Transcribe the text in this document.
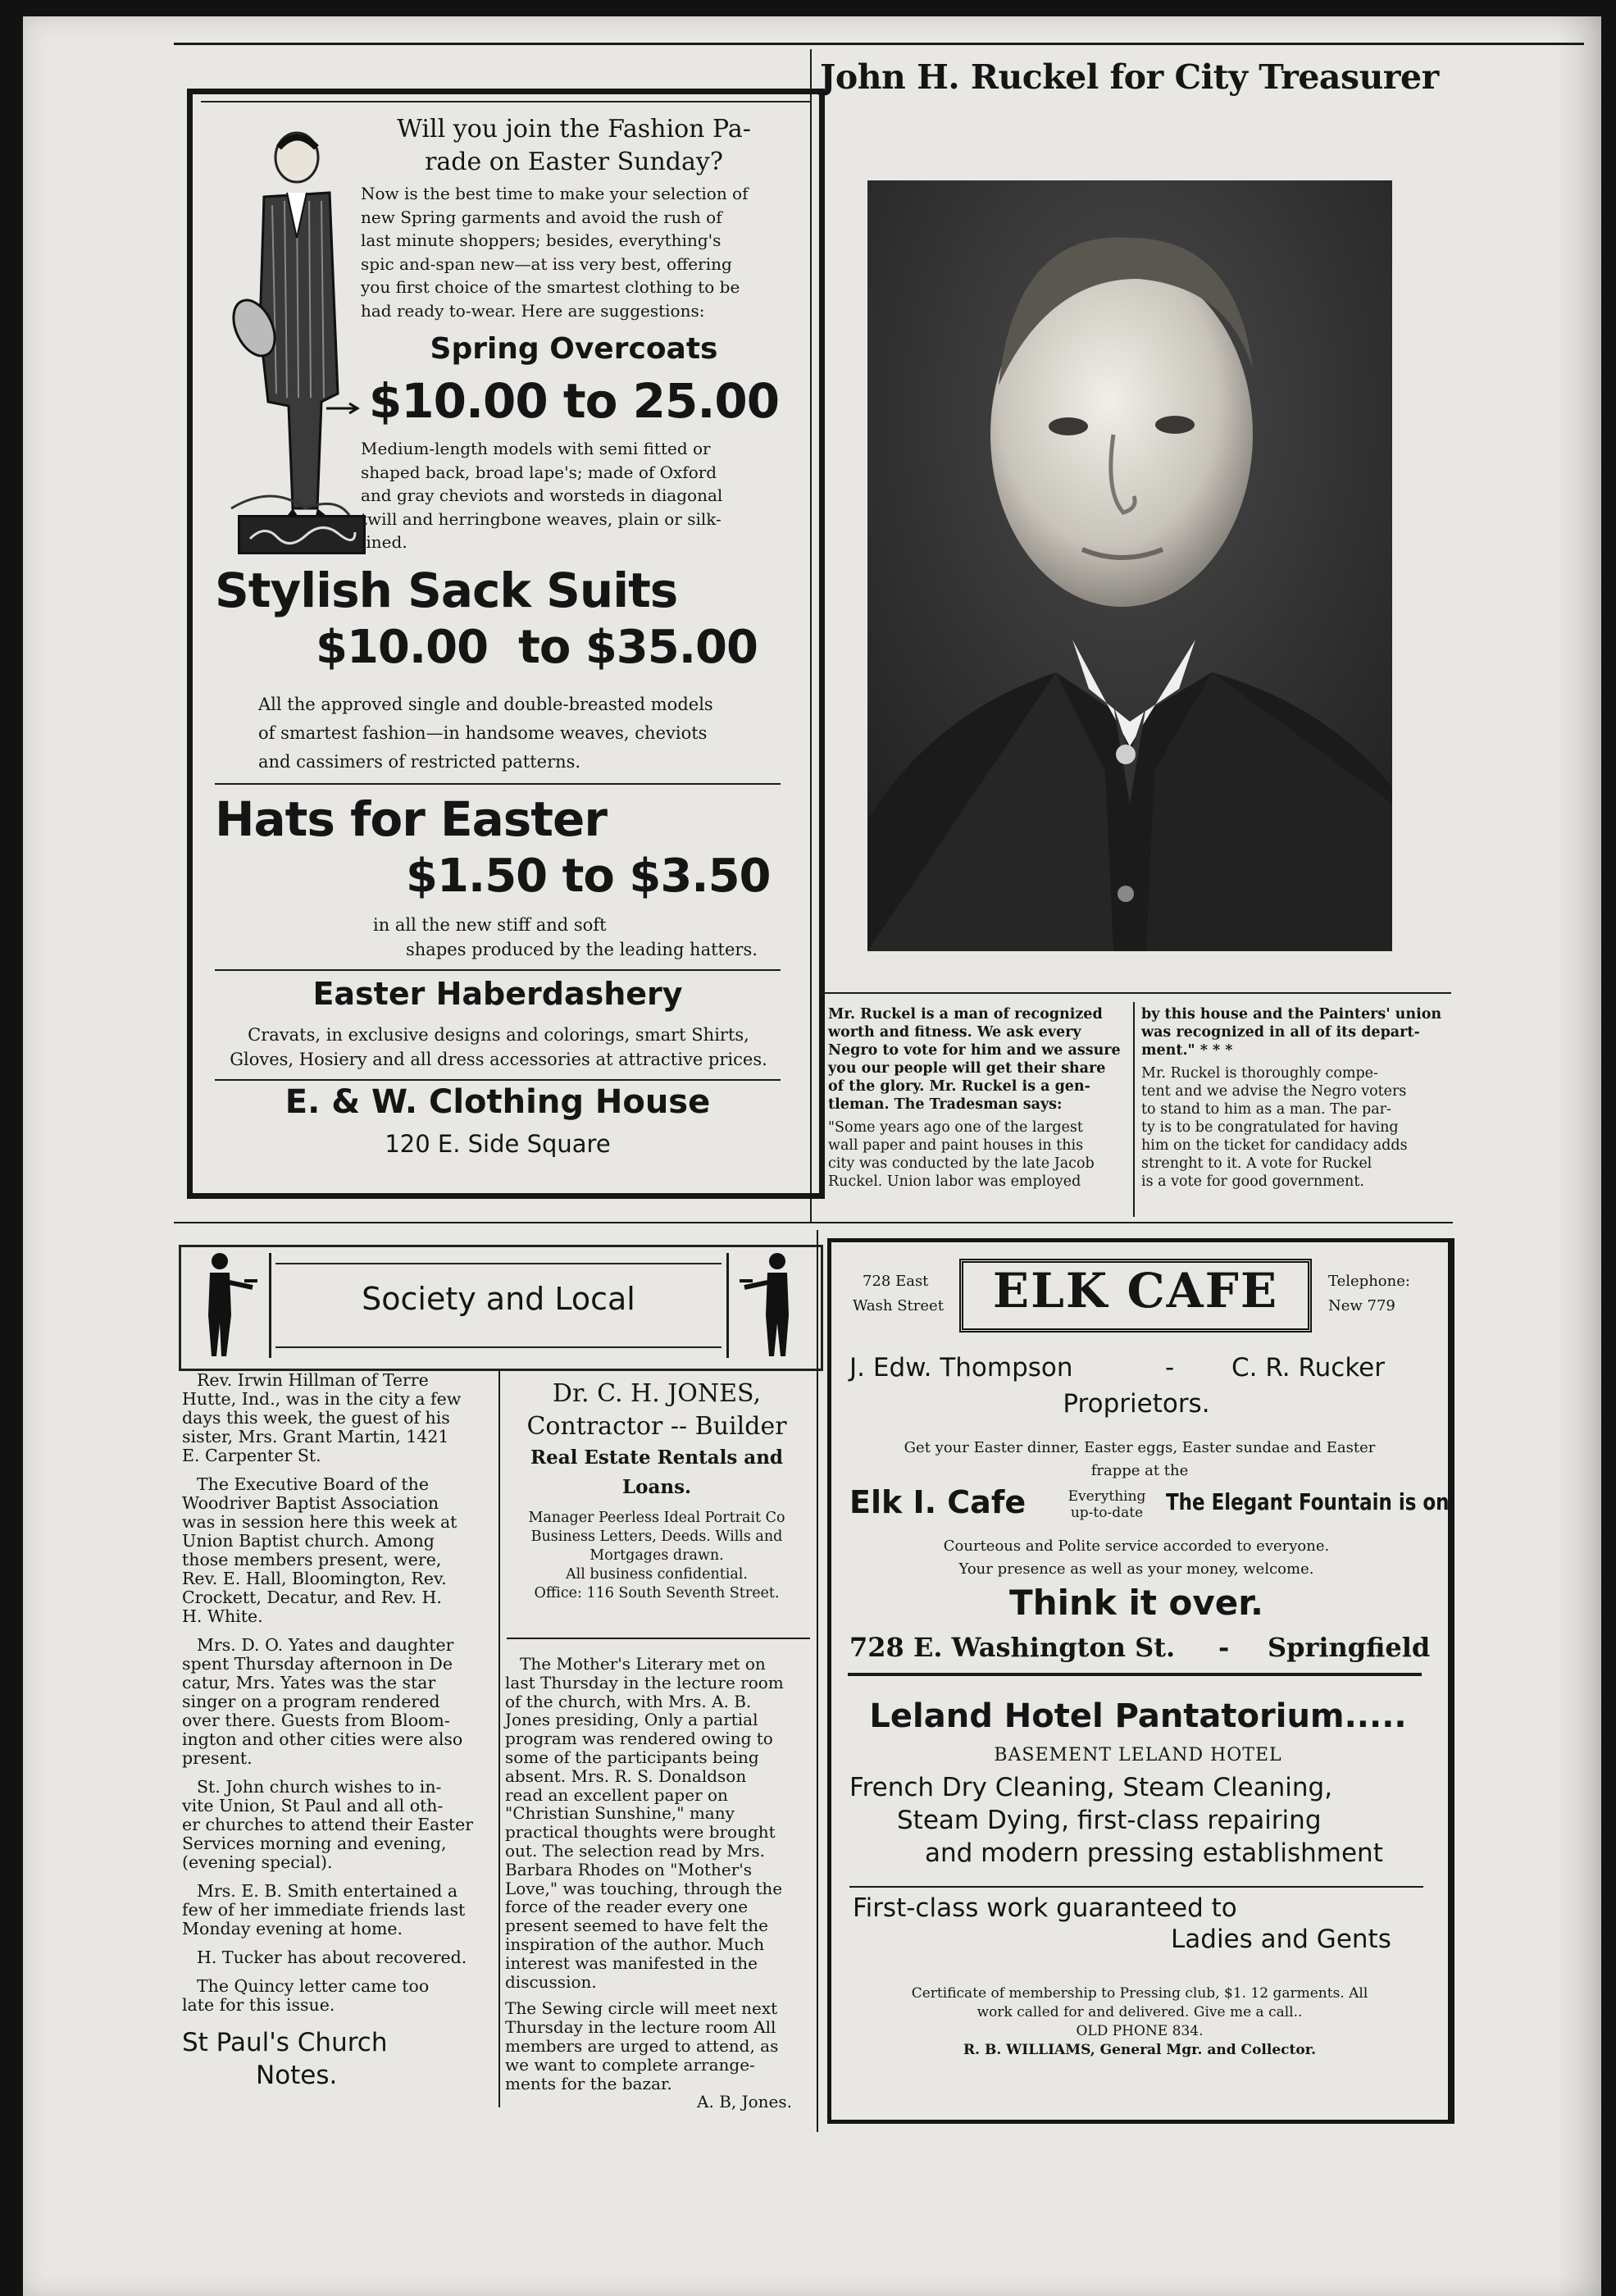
Will you join the Fashion Pa-
rade on Easter Sunday?
Now is the best time to make your selection of
new Spring garments and avoid the rush of
last minute shoppers; besides, everything's
spic and-span new—at iss very best, offering
you first choice of the smartest clothing to be
had ready to-wear. Here are suggestions:
Spring Overcoats
$10.00 to 25.00
Medium-length models with semi fitted or
shaped back, broad lape's; made of Oxford
and gray cheviots and worsteds in diagonal
twill and herringbone weaves, plain or silk-
lined.
Stylish Sack Suits
$10.00  to $35.00
All the approved single and double-breasted models
of smartest fashion—in handsome weaves, cheviots
and cassimers of restricted patterns.
Hats for Easter
$1.50 to $3.50
in all the new stiff and soft
shapes produced by the leading hatters.
Easter Haberdashery
Cravats, in exclusive designs and colorings, smart Shirts,
Gloves, Hosiery and all dress accessories at attractive prices.
E. & W. Clothing House
120 E. Side Square
John H. Ruckel for City Treasurer
Mr. Ruckel is a man of recognized
worth and fitness. We ask every
Negro to vote for him and we assure
you our people will get their share
of the glory. Mr. Ruckel is a gen-
tleman. The Tradesman says:
"Some years ago one of the largest
wall paper and paint houses in this
city was conducted by the late Jacob
Ruckel. Union labor was employed
by this house and the Painters' union
was recognized in all of its depart-
ment." * * *
Mr. Ruckel is thoroughly compe-
tent and we advise the Negro voters
to stand to him as a man. The par-
ty is to be congratulated for having
him on the ticket for candidacy adds
strenght to it. A vote for Ruckel
is a vote for good government.
Society and Local
Rev. Irwin Hillman of Terre
Hutte, Ind., was in the city a few
days this week, the guest of his
sister, Mrs. Grant Martin, 1421
E. Carpenter St.
The Executive Board of the
Woodriver Baptist Association
was in session here this week at
Union Baptist church. Among
those members present, were,
Rev. E. Hall, Bloomington, Rev.
Crockett, Decatur, and Rev. H.
H. White.
Mrs. D. O. Yates and daughter
spent Thursday afternoon in De
catur, Mrs. Yates was the star
singer on a program rendered
over there. Guests from Bloom-
ington and other cities were also
present.
St. John church wishes to in-
vite Union, St Paul and all oth-
er churches to attend their Easter
Services morning and evening,
(evening special).
Mrs. E. B. Smith entertained a
few of her immediate friends last
Monday evening at home.
H. Tucker has about recovered.
The Quincy letter came too
late for this issue.
St Paul's Church
Notes.
Dr. C. H. JONES,
Contractor -- Builder
Real Estate Rentals and
Loans.
Manager Peerless Ideal Portrait Co
Business Letters, Deeds. Wills and
Mortgages drawn.
All business confidential.
Office: 116 South Seventh Street.
The Mother's Literary met on
last Thursday in the lecture room
of the church, with Mrs. A. B.
Jones presiding, Only a partial
program was rendered owing to
some of the participants being
absent. Mrs. R. S. Donaldson
read an excellent paper on
"Christian Sunshine," many
practical thoughts were brought
out. The selection read by Mrs.
Barbara Rhodes on "Mother's
Love," was touching, through the
force of the reader every one
present seemed to have felt the
inspiration of the author. Much
interest was manifested in the
discussion.
The Sewing circle will meet next
Thursday in the lecture room All
members are urged to attend, as
we want to complete arrange-
ments for the bazar.
A. B, Jones.
728 East
Wash Street	ELK CAFE	Telephone:
New 779
J. Edw. Thompson	- C. R. Rucker
Proprietors.
Get your Easter dinner, Easter eggs, Easter sundae and Easter
frappe at the
Elk I. Cafe	Everything
up-to-date The Elegant Fountain is on
Courteous and Polite service accorded to everyone.
Your presence as well as your money, welcome.
Think it over.
728 E. Washington St. - Springfield
Leland Hotel Pantatorium.....
BASEMENT LELAND HOTEL
French Dry Cleaning, Steam Cleaning,
Steam Dying, first-class repairing
and modern pressing establishment
First-class work guaranteed to
Ladies and Gents
Certificate of membership to Pressing club, $1. 12 garments. All
work called for and delivered. Give me a call..
OLD PHONE 834.
R. B. WILLIAMS, General Mgr. and Collector.
